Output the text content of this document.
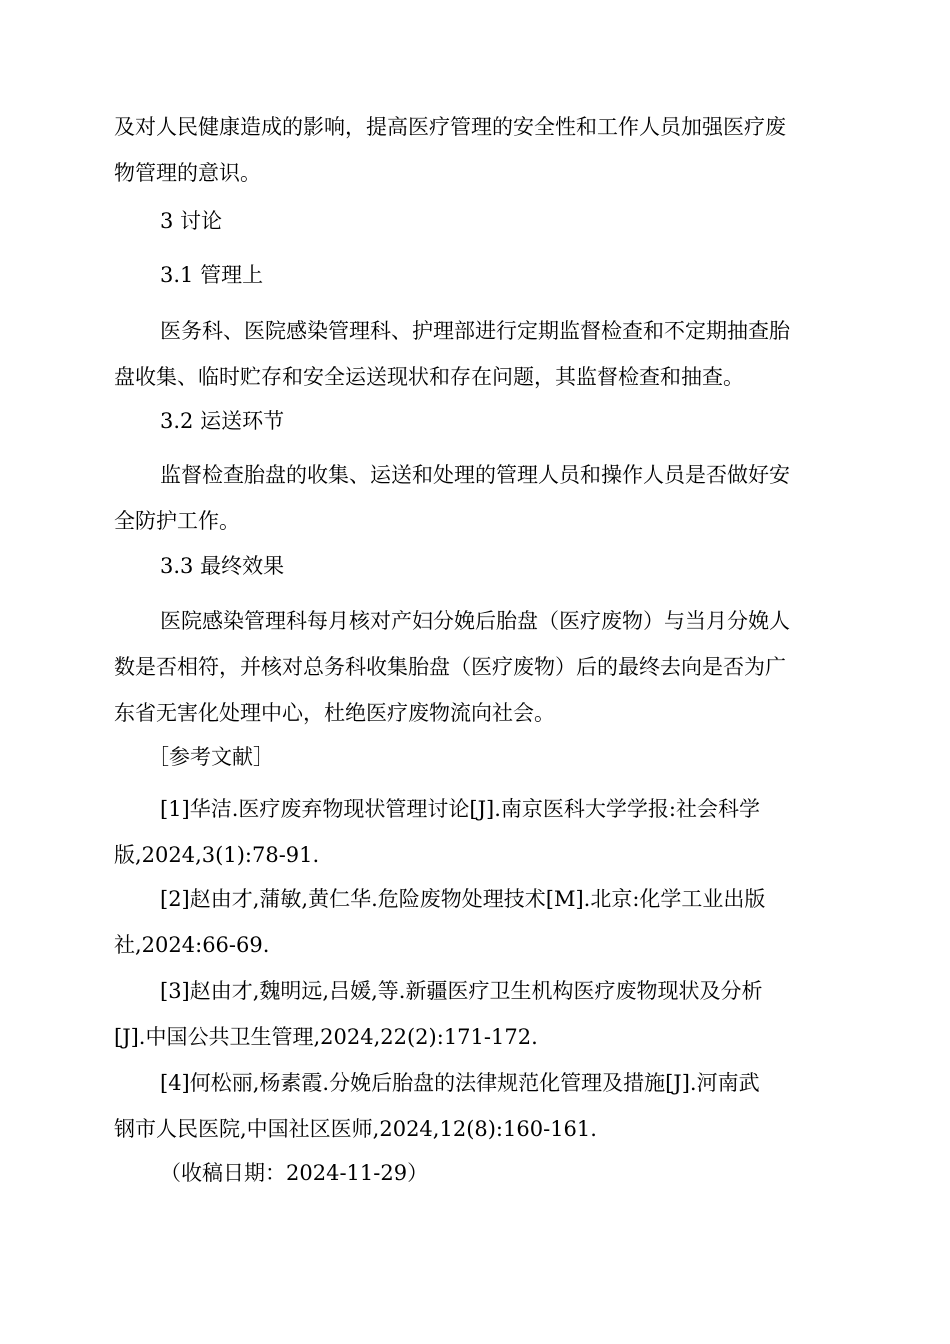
及对人民健康造成的影响，提高医疗管理的安全性和工作人员加强医疗废
物管理的意识。

3 讨论

3.1 管理上

医务科、医院感染管理科、护理部进行定期监督检查和不定期抽查胎
盘收集、临时贮存和安全运送现状和存在问题，其监督检查和抽查。

3.2 运送环节

监督检查胎盘的收集、运送和处理的管理人员和操作人员是否做好安
全防护工作。

3.3 最终效果

医院感染管理科每月核对产妇分娩后胎盘（医疗废物）与当月分娩人
数是否相符，并核对总务科收集胎盘（医疗废物）后的最终去向是否为广
东省无害化处理中心，杜绝医疗废物流向社会。

［参考文献］

[1]华洁.医疗废弃物现状管理讨论[J].南京医科大学学报:社会科学
版,2024,3(1):78-91.

[2]赵由才,蒲敏,黄仁华.危险废物处理技术[M].北京:化学工业出版
社,2024:66-69.

[3]赵由才,魏明远,吕媛,等.新疆医疗卫生机构医疗废物现状及分析
[J].中国公共卫生管理,2024,22(2):171-172.

[4]何松丽,杨素霞.分娩后胎盘的法律规范化管理及措施[J].河南武
钢市人民医院,中国社区医师,2024,12(8):160-161.

（收稿日期：2024-11-29）
